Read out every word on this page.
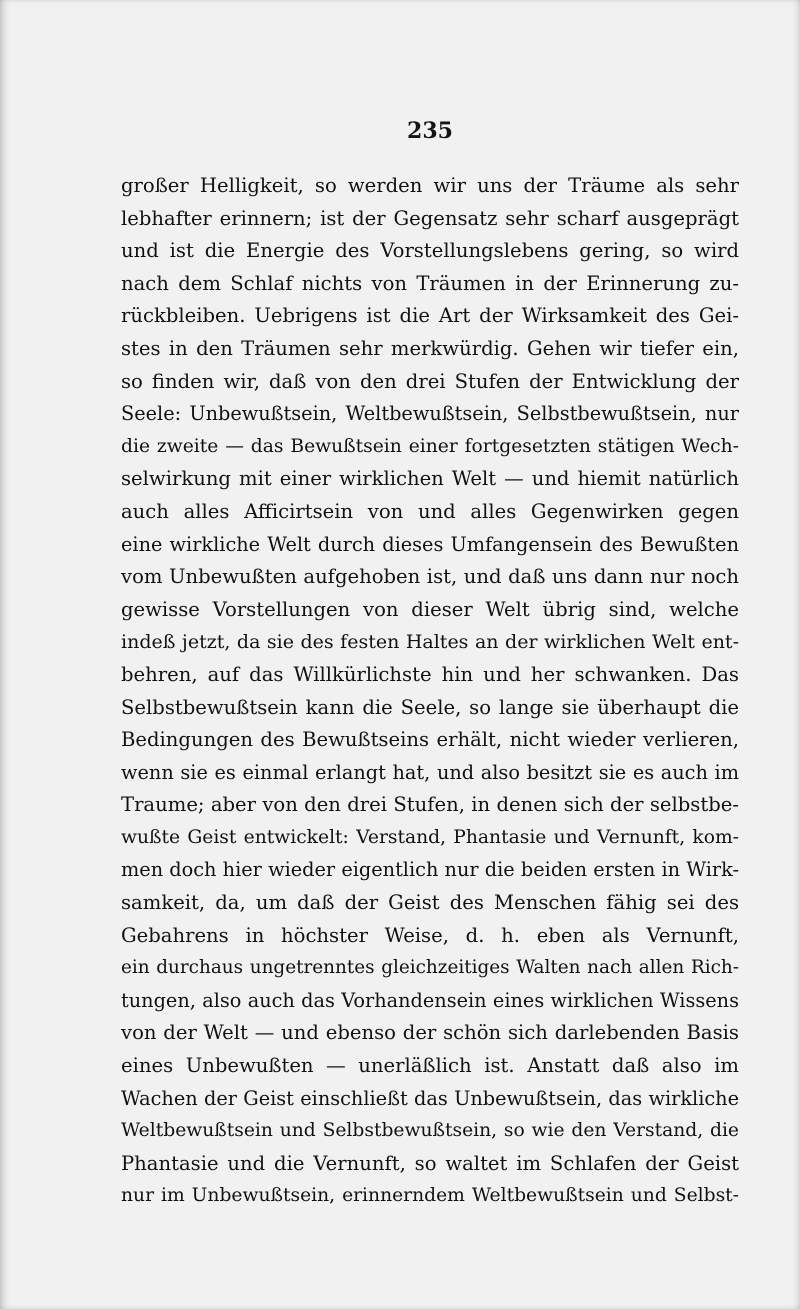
235
großer Helligkeit, so werden wir uns der Träume als sehr
lebhafter erinnern; ist der Gegensatz sehr scharf ausgeprägt
und ist die Energie des Vorstellungslebens gering, so wird
nach dem Schlaf nichts von Träumen in der Erinnerung zu-
rückbleiben. Uebrigens ist die Art der Wirksamkeit des Gei-
stes in den Träumen sehr merkwürdig. Gehen wir tiefer ein,
so finden wir, daß von den drei Stufen der Entwicklung der
Seele: Unbewußtsein, Weltbewußtsein, Selbstbewußtsein, nur
die zweite — das Bewußtsein einer fortgesetzten stätigen Wech-
selwirkung mit einer wirklichen Welt — und hiemit natürlich
auch alles Afficirtsein von und alles Gegenwirken gegen
eine wirkliche Welt durch dieses Umfangensein des Bewußten
vom Unbewußten aufgehoben ist, und daß uns dann nur noch
gewisse Vorstellungen von dieser Welt übrig sind, welche
indeß jetzt, da sie des festen Haltes an der wirklichen Welt ent-
behren, auf das Willkürlichste hin und her schwanken. Das
Selbstbewußtsein kann die Seele, so lange sie überhaupt die
Bedingungen des Bewußtseins erhält, nicht wieder verlieren,
wenn sie es einmal erlangt hat, und also besitzt sie es auch im
Traume; aber von den drei Stufen, in denen sich der selbstbe-
wußte Geist entwickelt: Verstand, Phantasie und Vernunft, kom-
men doch hier wieder eigentlich nur die beiden ersten in Wirk-
samkeit, da, um daß der Geist des Menschen fähig sei des
Gebahrens in höchster Weise, d. h. eben als Vernunft,
ein durchaus ungetrenntes gleichzeitiges Walten nach allen Rich-
tungen, also auch das Vorhandensein eines wirklichen Wissens
von der Welt — und ebenso der schön sich darlebenden Basis
eines Unbewußten — unerläßlich ist. Anstatt daß also im
Wachen der Geist einschließt das Unbewußtsein, das wirkliche
Weltbewußtsein und Selbstbewußtsein, so wie den Verstand, die
Phantasie und die Vernunft, so waltet im Schlafen der Geist
nur im Unbewußtsein, erinnerndem Weltbewußtsein und Selbst-
